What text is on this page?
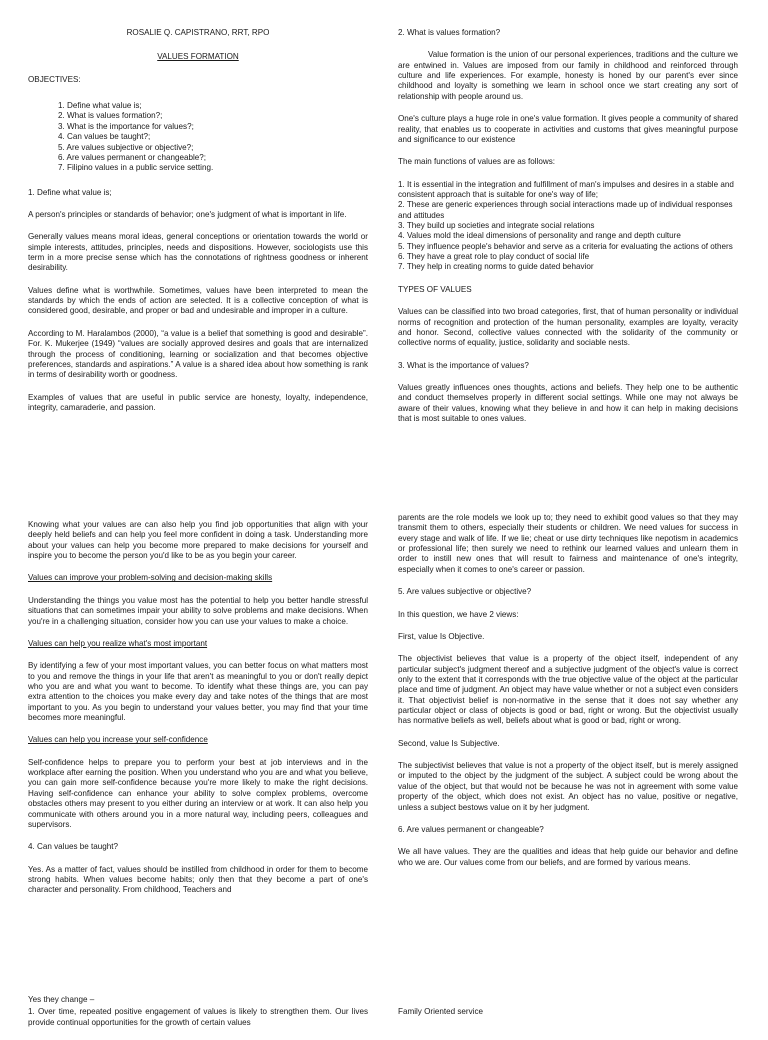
ROSALIE Q. CAPISTRANO, RRT, RPO

VALUES FORMATION

OBJECTIVES:

1. Define what value is;
2. What is values formation?;
3. What is the importance for values?;
4. Can values be taught?;
5. Are values subjective or objective?;
6. Are values permanent or changeable?;
7. Filipino values in a public service setting.

1. Define what value is;

A person's principles or standards of behavior; one's judgment of what is important in life.

Generally values means moral ideas, general conceptions or orientation towards the world or simple interests, attitudes, principles, needs and dispositions. However, sociologists use this term in a more precise sense which has the connotations of rightness goodness or inherent desirability.

Values define what is worthwhile. Sometimes, values have been interpreted to mean the standards by which the ends of action are selected. It is a collective conception of what is considered good, desirable, and proper or bad and undesirable and improper in a culture.

According to M. Haralambos (2000), “a value is a belief that something is good and desirable”. For. K. Mukerjee (1949) “values are socially approved desires and goals that are internalized through the process of conditioning, learning or socialization and that becomes objective preferences, standards and aspirations.” A value is a shared idea about how something is rank in terms of desirability worth or goodness.

Examples of values that are useful in public service are honesty, loyalty, independence, integrity, camaraderie, and passion.

2. What is values formation?

Value formation is the union of our personal experiences, traditions and the culture we are entwined in. Values are imposed from our family in childhood and reinforced through culture and life experiences. For example, honesty is honed by our parent's ever since childhood and loyalty is something we learn in school once we start creating any sort of relationship with people around us.

One's culture plays a huge role in one's value formation. It gives people a community of shared reality, that enables us to cooperate in activities and customs that gives meaningful purpose and significance to our existence

The main functions of values are as follows:

1. It is essential in the integration and fulfillment of man's impulses and desires in a stable and consistent approach that is suitable for one's way of life;
2. These are generic experiences through social interactions made up of individual responses and attitudes
3. They build up societies and integrate social relations
4. Values mold the ideal dimensions of personality and range and depth culture
5. They influence people's behavior and serve as a criteria for evaluating the actions of others
6. They have a great role to play conduct of social life
7. They help in creating norms to guide dated behavior

TYPES OF VALUES

Values can be classified into two broad categories, first, that of human personality or individual norms of recognition and protection of the human personality, examples are loyalty, veracity and honor. Second, collective values connected with the solidarity of the community or collective norms of equality, justice, solidarity and sociable nests.

3. What is the importance of values?

Values greatly influences ones thoughts, actions and beliefs. They help one to be authentic and conduct themselves properly in different social settings. While one may not always be aware of their values, knowing what they believe in and how it can help in making decisions that is most suitable to ones values.

Knowing what your values are can also help you find job opportunities that align with your deeply held beliefs and can help you feel more confident in doing a task. Understanding more about your values can help you become more prepared to make decisions for yourself and inspire you to become the person you'd like to be as you begin your career.

Values can improve your problem-solving and decision-making skills

Understanding the things you value most has the potential to help you better handle stressful situations that can sometimes impair your ability to solve problems and make decisions. When you're in a challenging situation, consider how you can use your values to make a choice.

Values can help you realize what's most important

By identifying a few of your most important values, you can better focus on what matters most to you and remove the things in your life that aren't as meaningful to you or don't really depict who you are and what you want to become. To identify what these things are, you can pay extra attention to the choices you make every day and take notes of the things that are most important to you. As you begin to understand your values better, you may find that your time becomes more meaningful.

Values can help you increase your self-confidence

Self-confidence helps to prepare you to perform your best at job interviews and in the workplace after earning the position. When you understand who you are and what you believe, you can gain more self-confidence because you're more likely to make the right decisions. Having self-confidence can enhance your ability to solve complex problems, overcome obstacles others may present to you either during an interview or at work. It can also help you communicate with others around you in a more natural way, including peers, colleagues and supervisors.

4. Can values be taught?

Yes. As a matter of fact, values should be instilled from childhood in order for them to become strong habits. When values become habits; only then that they become a part of one's character and personality. From childhood, Teachers and

Yes they change –

1. Over time, repeated positive engagement of values is likely to strengthen them. Our lives provide continual opportunities for the growth of certain values

parents are the role models we look up to; they need to exhibit good values so that they may transmit them to others, especially their students or children. We need values for success in every stage and walk of life. If we lie; cheat or use dirty techniques like nepotism in academics or professional life; then surely we need to rethink our learned values and unlearn them in order to instill new ones that will result to fairness and maintenance of one's integrity, especially when it comes to one's career or passion.

5. Are values subjective or objective?

In this question, we have 2 views:

First, value Is Objective.

The objectivist believes that value is a property of the object itself, independent of any particular subject's judgment thereof and a subjective judgment of the object's value is correct only to the extent that it corresponds with the true objective value of the object at the particular place and time of judgment. An object may have value whether or not a subject even considers it. That objectivist belief is non-normative in the sense that it does not say whether any particular object or class of objects is good or bad, right or wrong. But the objectivist usually has normative beliefs as well, beliefs about what is good or bad, right or wrong.

Second, value Is Subjective.

The subjectivist believes that value is not a property of the object itself, but is merely assigned or imputed to the object by the judgment of the subject. A subject could be wrong about the value of the object, but that would not be because he was not in agreement with some value property of the object, which does not exist. An object has no value, positive or negative, unless a subject bestows value on it by her judgment.

6. Are values permanent or changeable?

We all have values. They are the qualities and ideas that help guide our behavior and define who we are. Our values come from our beliefs, and are formed by various means.

Family Oriented service
